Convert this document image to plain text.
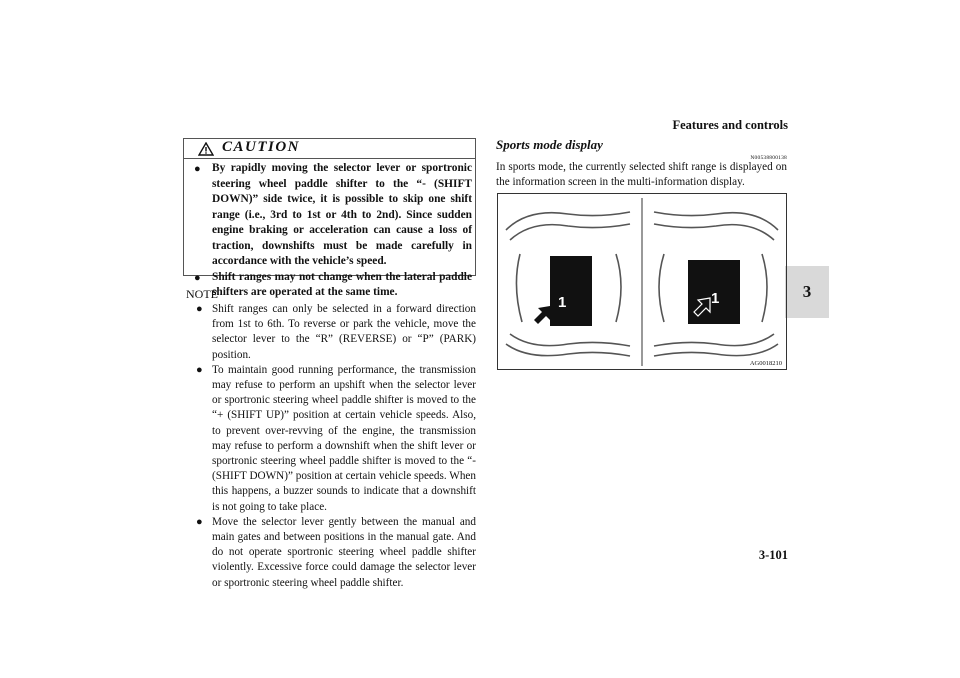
Features and controls
3
CAUTION
● By rapidly moving the selector lever or sportronic steering wheel paddle shifter to the “- (SHIFT DOWN)” side twice, it is possible to skip one shift range (i.e., 3rd to 1st or 4th to 2nd). Since sudden engine braking or acceleration can cause a loss of traction, downshifts must be made carefully in accordance with the vehicle’s speed.
● Shift ranges may not change when the lateral paddle shifters are operated at the same time.
NOTE
● Shift ranges can only be selected in a forward direction from 1st to 6th. To reverse or park the vehicle, move the selector lever to the “R” (REVERSE) or “P” (PARK) position.
● To maintain good running performance, the transmission may refuse to perform an upshift when the selector lever or sportronic steering wheel paddle shifter is moved to the “+ (SHIFT UP)” position at certain vehicle speeds. Also, to prevent over-revving of the engine, the transmission may refuse to perform a downshift when the shift lever or sportronic steering wheel paddle shifter is moved to the “- (SHIFT DOWN)” position at certain vehicle speeds. When this happens, a buzzer sounds to indicate that a downshift is not going to take place.
● Move the selector lever gently between the manual and main gates and between positions in the manual gate. And do not operate sportronic steering wheel paddle shifter violently. Excessive force could damage the selector lever or sportronic steering wheel paddle shifter.
Sports mode display
N00538800138
In sports mode, the currently selected shift range is displayed on the information screen in the multi-information display.
1	1
AG0018210
3-101
